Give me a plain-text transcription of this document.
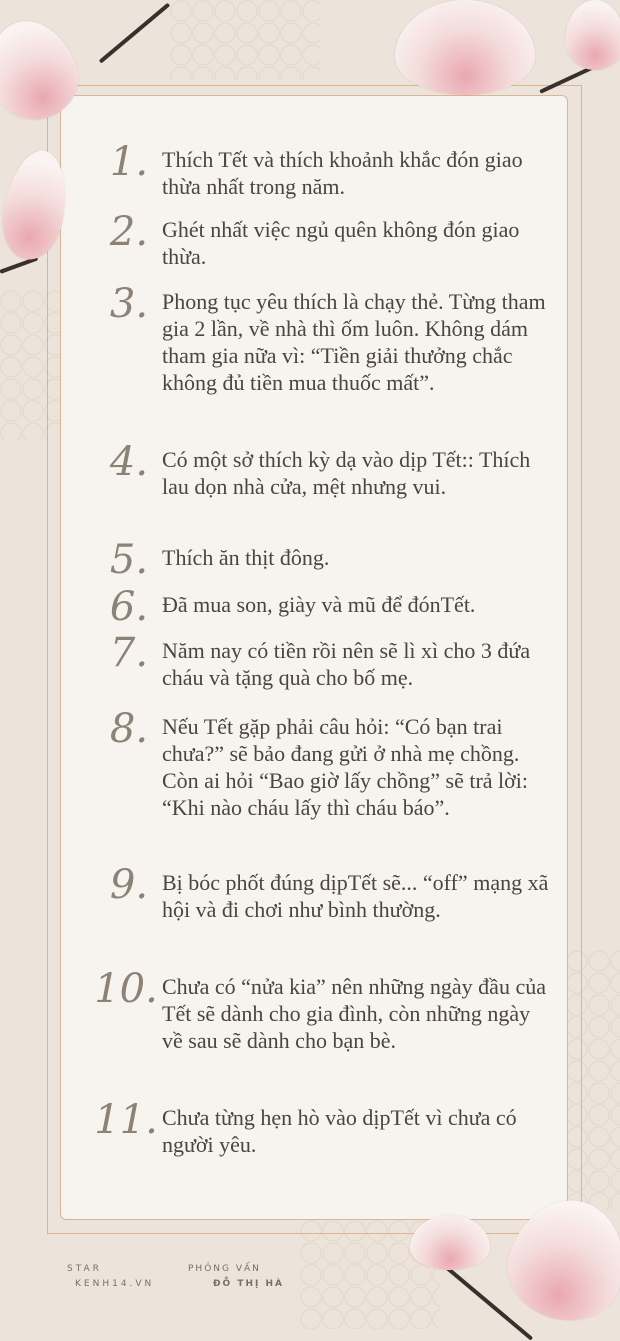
1. Thích Tết và thích khoảnh khắc đón giao thừa nhất trong năm.
2. Ghét nhất việc ngủ quên không đón giao thừa.
3. Phong tục yêu thích là chạy thẻ. Từng tham gia 2 lần, về nhà thì ốm luôn. Không dám tham gia nữa vì: “Tiền giải thưởng chắc không đủ tiền mua thuốc mất”.
4. Có một sở thích kỳ dạ vào dịp Tết:: Thích lau dọn nhà cửa, mệt nhưng vui.
5. Thích ăn thịt đông.
6. Đã mua son, giày và mũ để đónTết.
7. Năm nay có tiền rồi nên sẽ lì xì cho 3 đứa cháu và tặng quà cho bố mẹ.
8. Nếu Tết gặp phải câu hỏi: “Có bạn trai chưa?” sẽ bảo đang gửi ở nhà mẹ chồng. Còn ai hỏi “Bao giờ lấy chồng” sẽ trả lời: “Khi nào cháu lấy thì cháu báo”.
9. Bị bóc phốt đúng dịpTết sẽ... “off” mạng xã hội và đi chơi như bình thường.
10. Chưa có “nửa kia” nên những ngày đầu của Tết sẽ dành cho gia đình, còn những ngày về sau sẽ dành cho bạn bè.
11. Chưa từng hẹn hò vào dịpTết vì chưa có người yêu.
STAR
KENH14.VN
PHỎNG VẤN
ĐỖ THỊ HÀ
